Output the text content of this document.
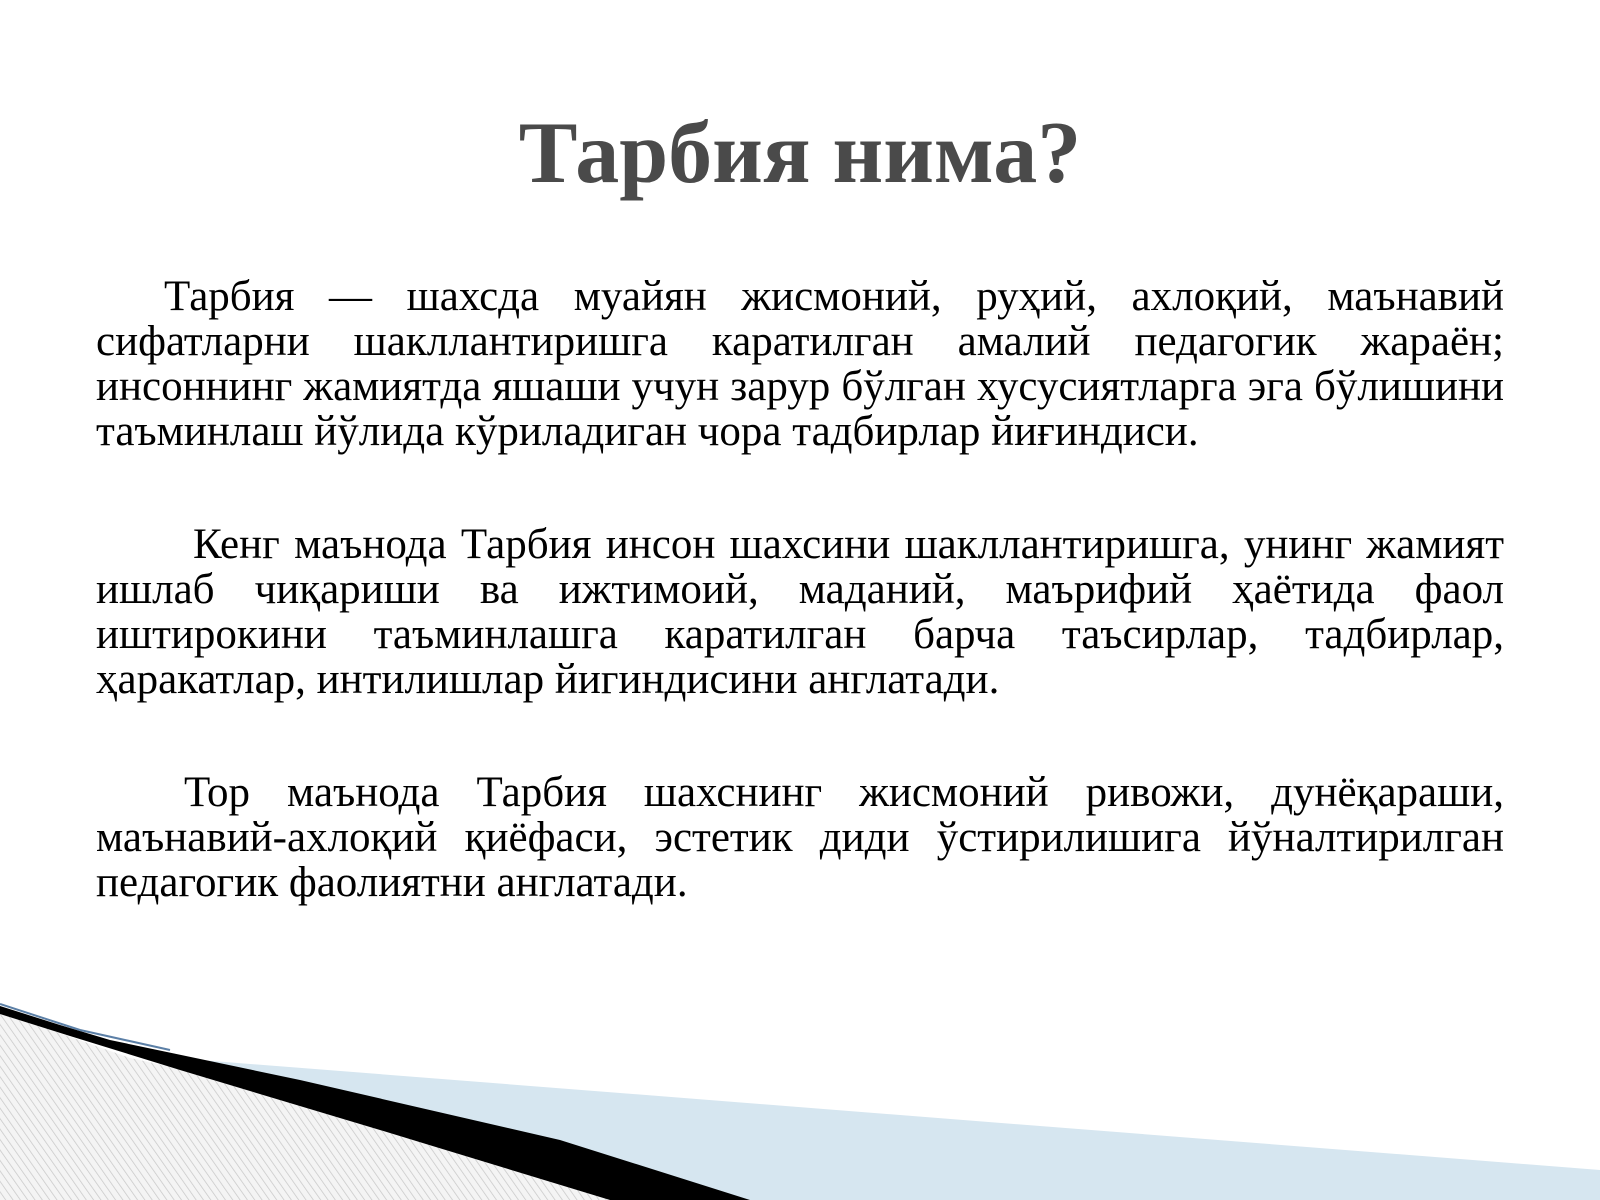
Тарбия нима?

Тарбия — шахсда муайян жисмоний, руҳий, ахлоқий, маънавий сифатларни шакллантиришга каратилган амалий педагогик жараён; инсоннинг жамиятда яшаши учун зарур бўлган хусусиятларга эга бўлишини таъминлаш йўлида кўриладиган чора тадбирлар йиғиндиси.

Кенг маънода Тарбия инсон шахсини шакллантиришга, унинг жамият ишлаб чиқариши ва ижтимоий, маданий, маърифий ҳаётида фаол иштирокини таъминлашга каратилган барча таъсирлар, тадбирлар, ҳаракатлар, интилишлар йигиндисини англатади.

Тор маънода Тарбия шахснинг жисмоний ривожи, дунёқараши, маънавий-ахлоқий қиёфаси, эстетик диди ўстирилишига йўналтирилган педагогик фаолиятни англатади.
